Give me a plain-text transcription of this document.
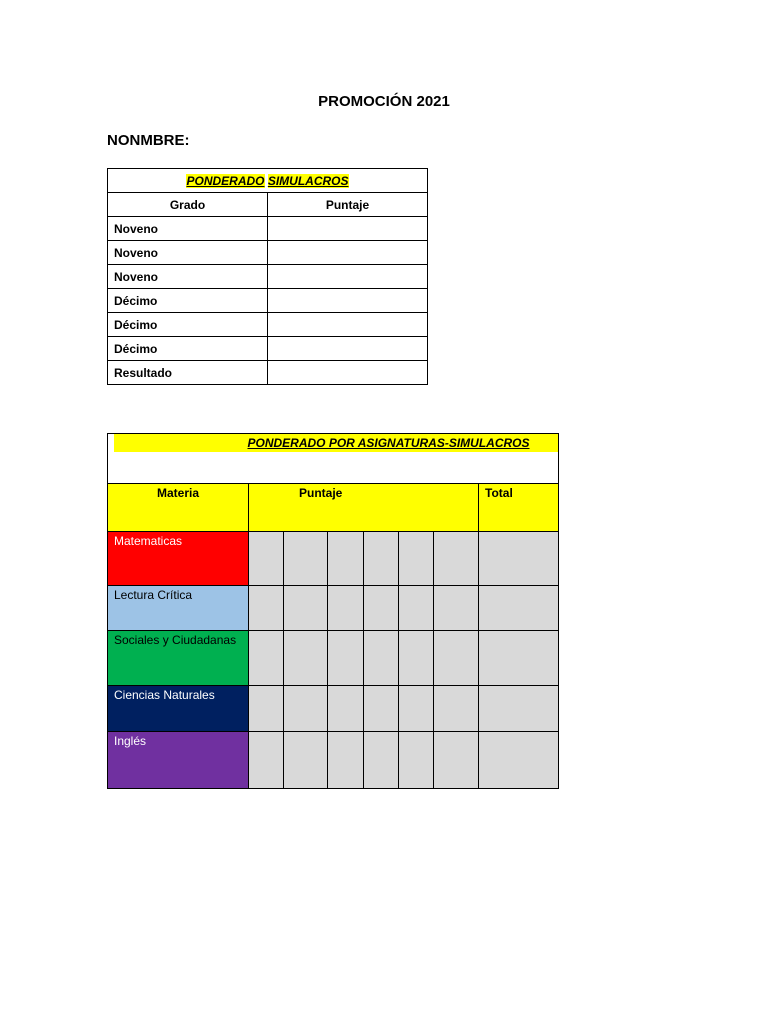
PROMOCIÓN 2021
NONMBRE:
PONDERADO SIMULACROS	
Grado	Puntaje
Noveno	
Noveno	
Noveno	
Décimo	
Décimo	
Décimo	
Resultado	
PONDERADO POR ASIGNATURAS-SIMULACROS							

Materia	Puntaje						Total
Matematicas							
Lectura Crítica							
Sociales y Ciudadanas							
Ciencias Naturales							
Inglés							
